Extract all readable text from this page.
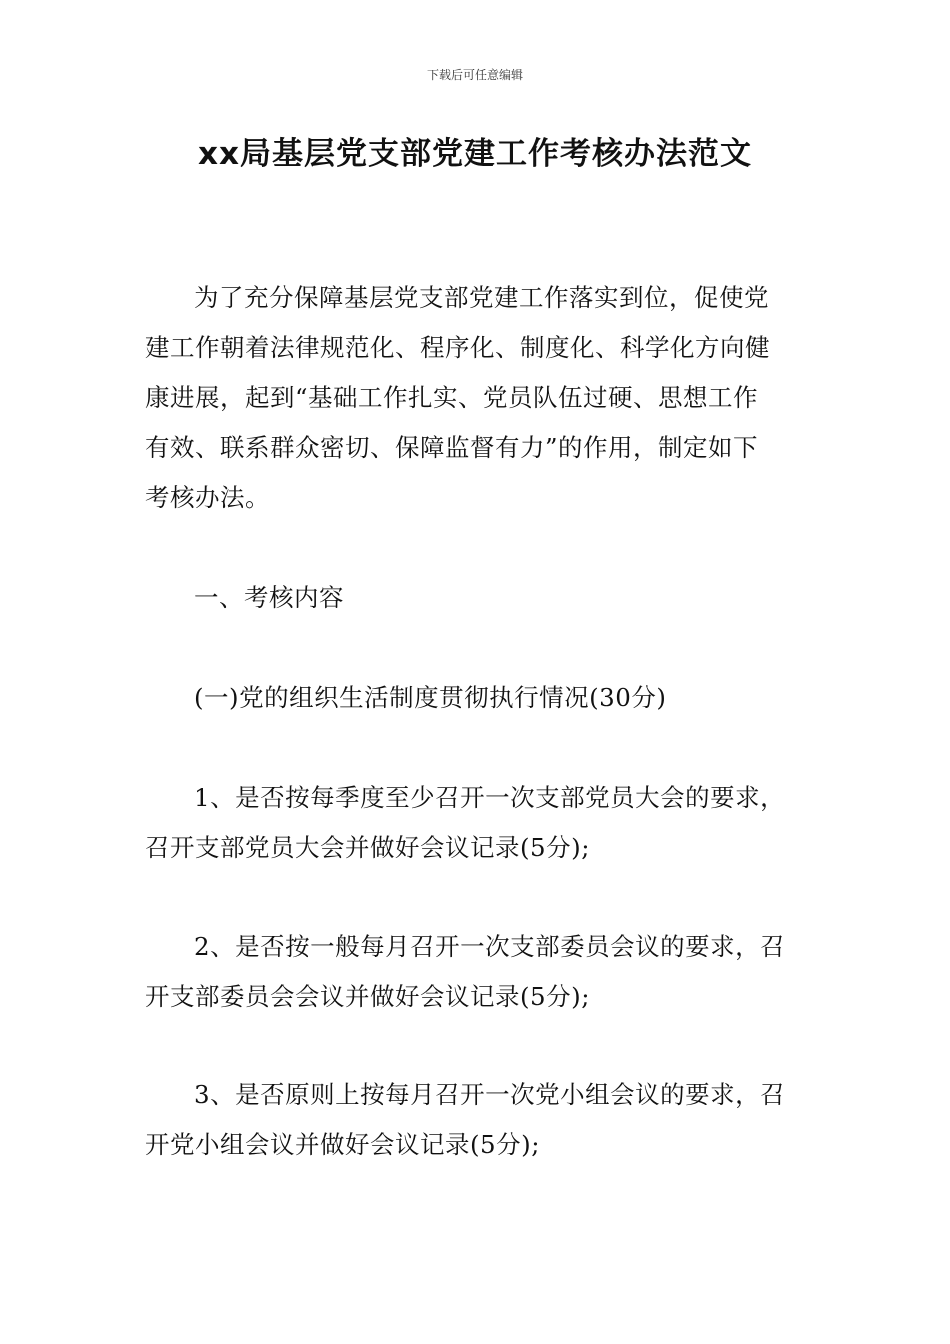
下载后可任意编辑
xx局基层党支部党建工作考核办法范文

为了充分保障基层党支部党建工作落实到位，促使党
建工作朝着法律规范化、程序化、制度化、科学化方向健
康进展，起到“基础工作扎实、党员队伍过硬、思想工作
有效、联系群众密切、保障监督有力”的作用，制定如下
考核办法。

一、考核内容

(一)党的组织生活制度贯彻执行情况(30分)

1、是否按每季度至少召开一次支部党员大会的要求，
召开支部党员大会并做好会议记录(5分);

2、是否按一般每月召开一次支部委员会议的要求，召
开支部委员会会议并做好会议记录(5分);

3、是否原则上按每月召开一次党小组会议的要求，召
开党小组会议并做好会议记录(5分);
